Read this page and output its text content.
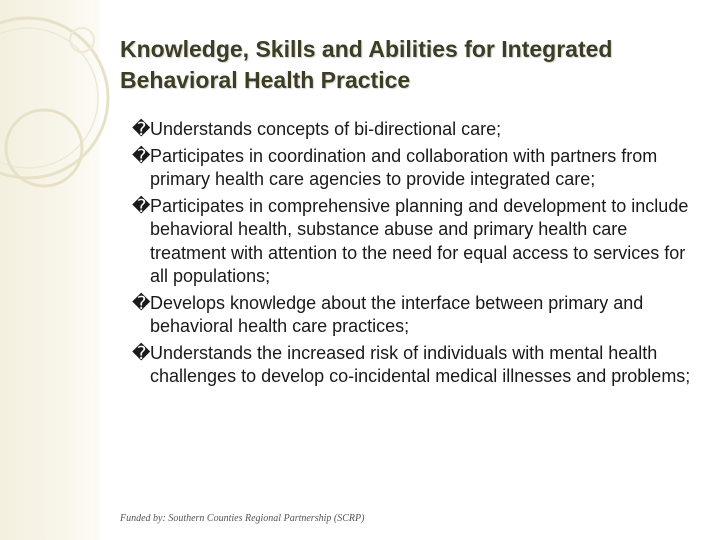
Knowledge, Skills and Abilities for Integrated Behavioral Health Practice
� Understands concepts of bi-directional care;
� Participates in coordination and collaboration with partners from primary health care agencies to provide integrated care;
� Participates in comprehensive planning and development to include behavioral health, substance abuse and primary health care treatment with attention to the need for equal access to services for all populations;
� Develops knowledge about the interface between primary and behavioral health care practices;
� Understands the increased risk of individuals with mental health challenges to develop co-incidental medical illnesses and problems;
Funded by: Southern Counties Regional Partnership (SCRP)
